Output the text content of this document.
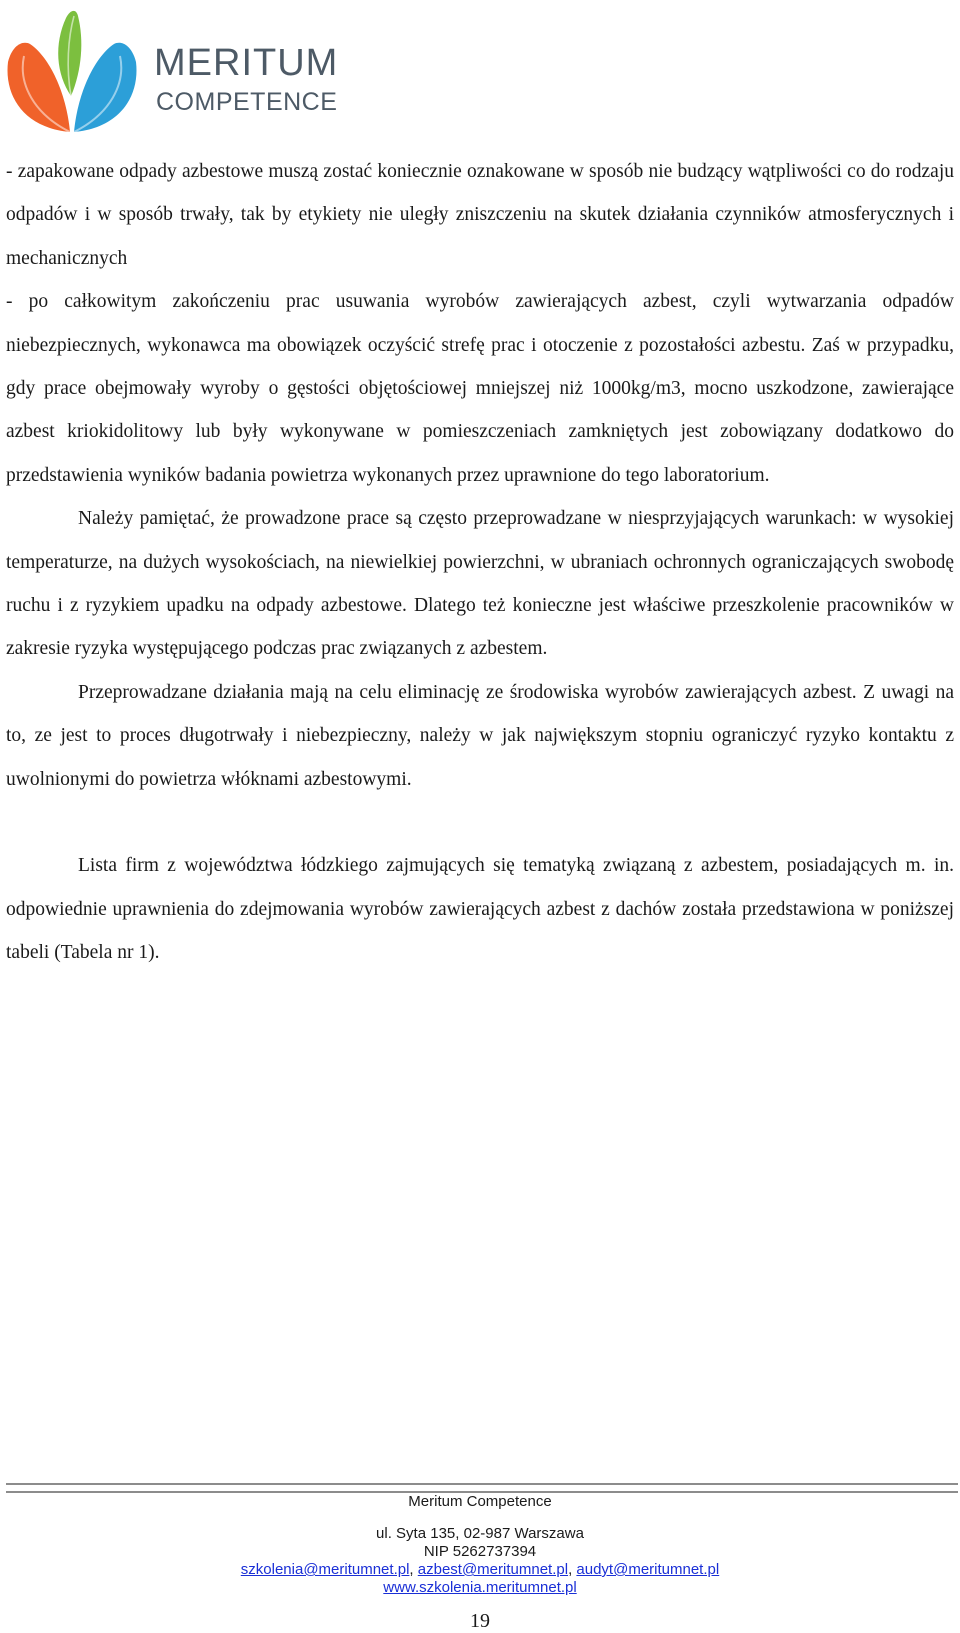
MERITUM
COMPETENCE

- zapakowane odpady azbestowe muszą zostać koniecznie oznakowane w sposób nie budzący wątpliwości co do rodzaju odpadów i w sposób trwały, tak by etykiety nie uległy zniszczeniu na skutek działania czynników atmosferycznych i mechanicznych

- po całkowitym zakończeniu prac usuwania wyrobów zawierających azbest, czyli wytwarzania odpadów niebezpiecznych, wykonawca ma obowiązek oczyścić strefę prac i otoczenie z pozostałości azbestu. Zaś w przypadku, gdy prace obejmowały wyroby o gęstości objętościowej mniejszej niż 1000kg/m3, mocno uszkodzone, zawierające azbest kriokidolitowy lub były wykonywane w pomieszczeniach zamkniętych jest zobowiązany dodatkowo do przedstawienia wyników badania powietrza wykonanych przez uprawnione do tego laboratorium.

Należy pamiętać, że prowadzone prace są często przeprowadzane w niesprzyjających warunkach: w wysokiej temperaturze, na dużych wysokościach, na niewielkiej powierzchni, w ubraniach ochronnych ograniczających swobodę ruchu i z ryzykiem upadku na odpady azbestowe. Dlatego też konieczne jest właściwe przeszkolenie pracowników w zakresie ryzyka występującego podczas prac związanych z azbestem.

Przeprowadzane działania mają na celu eliminację ze środowiska wyrobów zawierających azbest. Z uwagi na to, ze jest to proces długotrwały i niebezpieczny, należy w jak największym stopniu ograniczyć ryzyko kontaktu z uwolnionymi do powietrza włóknami azbestowymi.

Lista firm z województwa łódzkiego zajmujących się tematyką związaną z azbestem, posiadających m. in. odpowiednie uprawnienia do zdejmowania wyrobów zawierających azbest z dachów została przedstawiona w poniższej tabeli (Tabela nr 1).

Meritum Competence
ul. Syta 135, 02-987 Warszawa
NIP 5262737394
szkolenia@meritumnet.pl, azbest@meritumnet.pl, audyt@meritumnet.pl
www.szkolenia.meritumnet.pl
19
